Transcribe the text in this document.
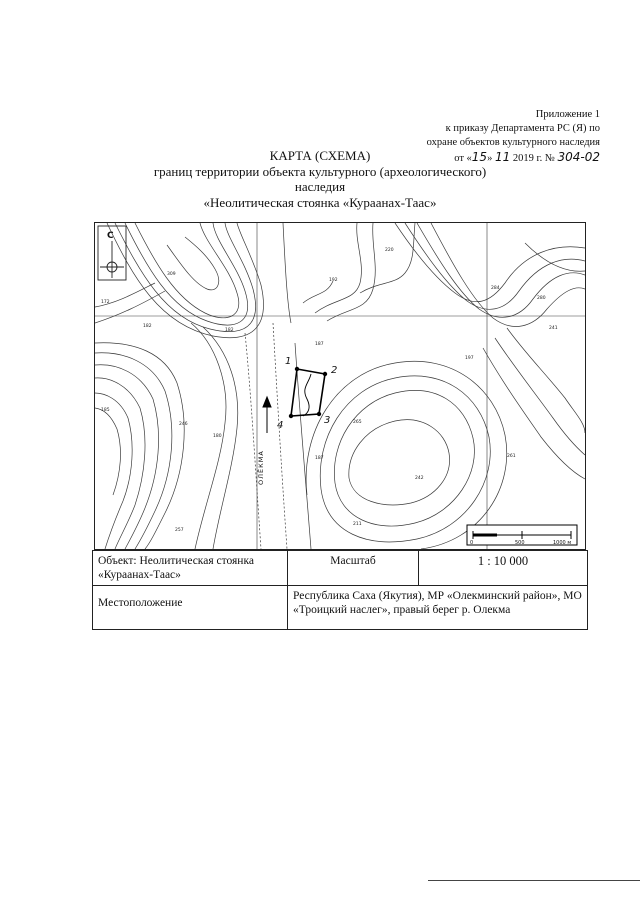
Приложение 1
к приказу Департамента РС (Я) по
охране объектов культурного наследия
от «15» 11 2019 г. № 304-02
КАРТА (СХЕМА)
границ территории объекта культурного (археологического)
наследия
«Неолитическая стоянка «Кураанах-Таас»
С
ОЛЁКМА
1
2
3
4
0	500	1000 м
309
172
182
182
185
220
192
187
284
280
241
197
246
180
265
187	261
242
211
257
Объект: Неолитическая стоянка «Кураанах-Таас»	Масштаб	1 : 10 000
Местоположение	Республика Саха (Якутия), МР «Олекминский район», МО «Троицкий наслег», правый берег р. Олекма	
